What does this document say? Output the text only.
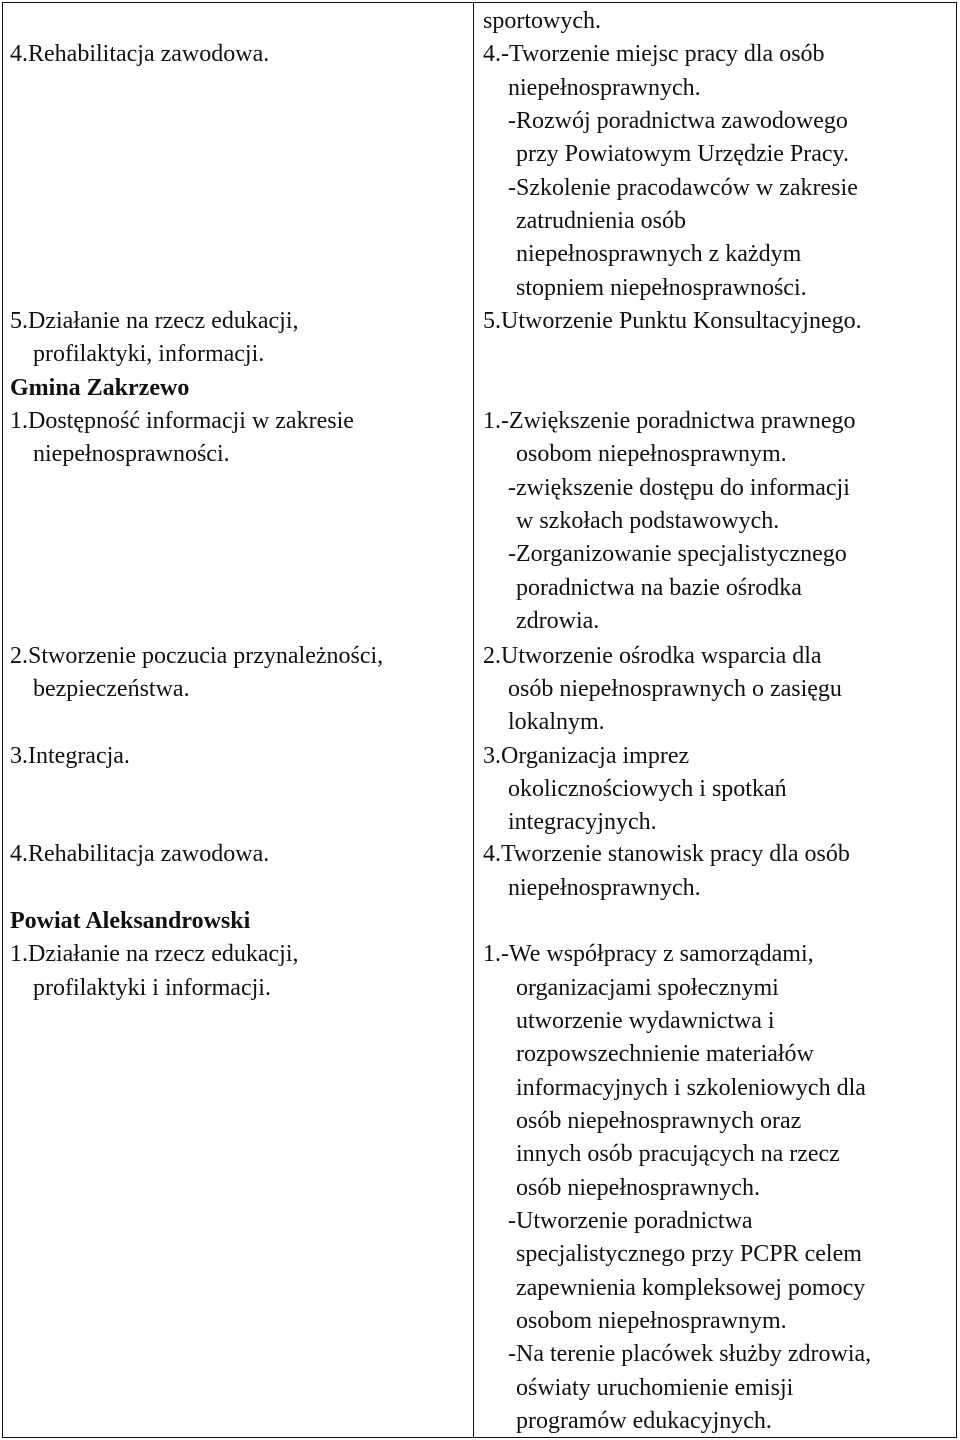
4.Rehabilitacja zawodowa.
5.Działanie na rzecz edukacji,
profilaktyki, informacji.
Gmina Zakrzewo
1.Dostępność informacji w zakresie
niepełnosprawności.
2.Stworzenie poczucia przynależności,
bezpieczeństwa.
3.Integracja.
4.Rehabilitacja zawodowa.
Powiat Aleksandrowski
1.Działanie na rzecz edukacji,
profilaktyki i informacji.
sportowych.
4.-Tworzenie miejsc pracy dla osób
niepełnosprawnych.
-Rozwój poradnictwa zawodowego
przy Powiatowym Urzędzie Pracy.
-Szkolenie pracodawców w zakresie
zatrudnienia osób
niepełnosprawnych z każdym
stopniem niepełnosprawności.
5.Utworzenie Punktu Konsultacyjnego.
1.-Zwiększenie poradnictwa prawnego
osobom niepełnosprawnym.
-zwiększenie dostępu do informacji
w szkołach podstawowych.
-Zorganizowanie specjalistycznego
poradnictwa na bazie ośrodka
zdrowia.
2.Utworzenie ośrodka wsparcia dla
osób niepełnosprawnych o zasięgu
lokalnym.
3.Organizacja imprez
okolicznościowych i spotkań
integracyjnych.
4.Tworzenie stanowisk pracy dla osób
niepełnosprawnych.
1.-We współpracy z samorządami,
organizacjami społecznymi
utworzenie wydawnictwa i
rozpowszechnienie materiałów
informacyjnych i szkoleniowych dla
osób niepełnosprawnych oraz
innych osób pracujących na rzecz
osób niepełnosprawnych.
-Utworzenie poradnictwa
specjalistycznego przy PCPR celem
zapewnienia kompleksowej pomocy
osobom niepełnosprawnym.
-Na terenie placówek służby zdrowia,
oświaty uruchomienie emisji
programów edukacyjnych.
